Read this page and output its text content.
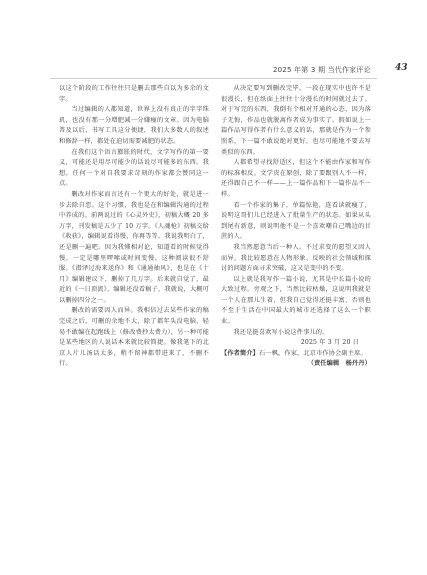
2025 年第 3 期 当代作家评论	43

以这个阶段的工作往往只是删去那些自以为多余的文字。

当过编辑的人都知道，世界上没有真正的字字珠玑，也没有那一分增肥减一分嫌瘦的文章。因为电脑普及以后，书写工具这分便捷，我们大多数人的叙述和修辞一样，都处在迫切需要减肥的状态。

在我们这个语言膨胀的时代，文学写作的第一要义，可能还是用尽可能少的话说尽可能多的东西。我想，任何一个对自我要求苛刻的作家都会赞同这一点。

删改对作家而言还有一个更大的好处，就是进一步去除自恋。这个习惯，我也是在和编辑沟通的过程中养成的。前两说过的《心灵外史》，初稿大概 20 多万字，刊发稿是五少了 10 万字。《人魂枪》初稿交给《收获》，编辑说看得慢，你再等等。我说我明白了，还是删一遍吧。因为我懂相对论，知道看的时候觉得慢，一定是哪里啰嗦或时间变慢。这种阅读很不舒服。《潜泽过海来送你》和《通通抽风》，也是在《十月》编辑建议下，删掉了几万字。后来就自觉了，最近的《一日顶流》，编辑还没看稿子，我就说，大概可以删掉四分之一。

删改的需要因人而异。我相信过去某些作家的稿完成之后，可删的余地不大，除了都年头没电脑，轻易不敢编在起跑线上（修改费抄太费力），另一种可能是某些地区的人说话本来就比较简捷。像我笔下的北京人片儿汤话太多，稍不留神都带进来了，不删不行。

从决定要写到删改完毕，一段在现实中也许不是很漫长，但在纸面上往往十分漫长的时间就过去了。对于写完的东西，我倒有个相对开通的心态，因为落子无悔，作品也就脱离作者成为事实了。假如说上一篇作品写得作者有什么意义的话，那就是作为一个参照系，下一篇不敢说绝对更好，也尽可能地不要去写类似的东西。

人都希望寻找舒适区，但这个不能由作家和写作的标准相反。文学贵在原创，除了要跟别人不一样，还得跟自己不一样——上一篇作品和下一篇作品不一样。

看一个作家的集子，单篇惊艳，连看读就瘦了，说明这哥们儿已经进入了批量生产的状态。如果从头到尾有新意，则说明他不是一个喜欢嘲自己嘴边的甘蔗的人。

我当然愿意当后一种人。不过求变的愿望又因人而异，我比较愿意在人物形象、反映的社会领域和探讨的问题方面寻求突破，这又是变中的不变。

以上就是我写作一篇小说，尤其是中长篇小说的大致过程。旁观之下，当然比较枯燥，这说明我就是一个人在那儿生着，但我自己觉得还挺丰富，否则也不至于生活在中国最大的城市还选择了这么一个职业。

我还是挺喜欢写小说这件事儿的。

2025 年 3 月 20 日

【作者简介】石一枫，作家，北京市作协会副主席。

（责任编辑　杨丹丹）
